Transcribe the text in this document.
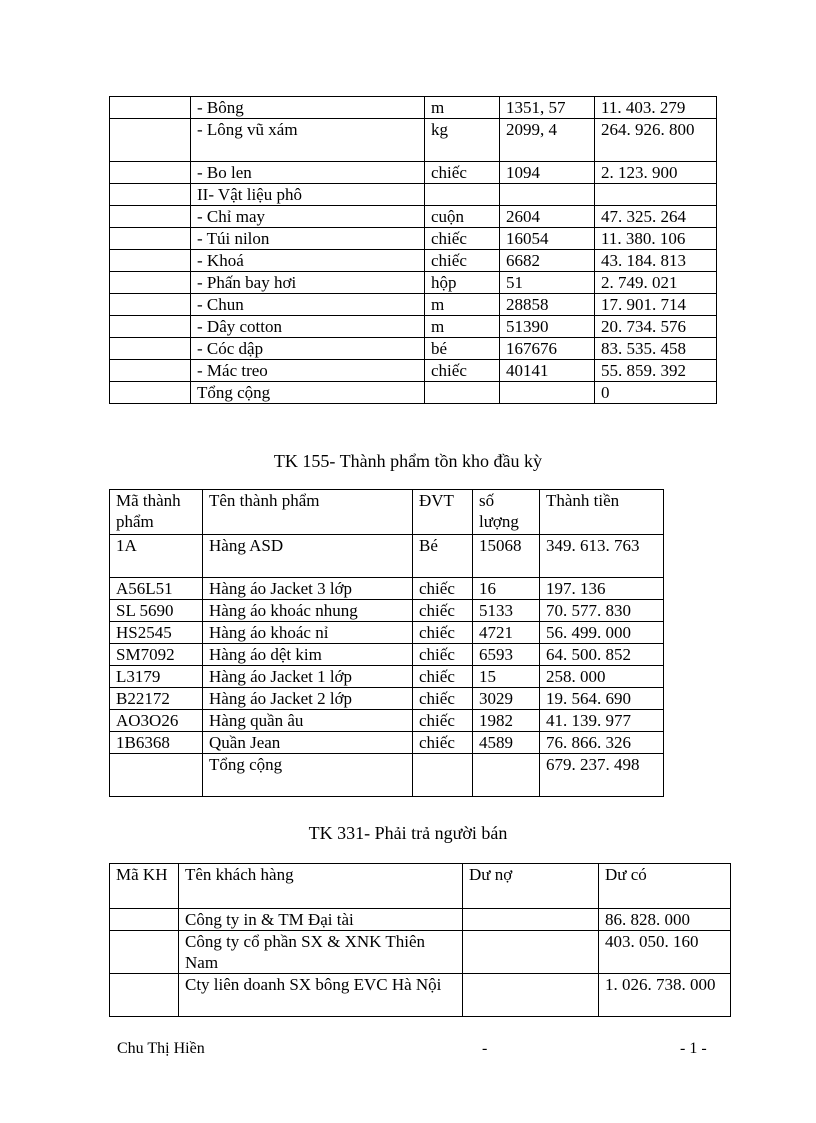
	- Bông	m	1351, 57	11. 403. 279
	- Lông vũ xám	kg	2099, 4	264. 926. 800
	- Bo len	chiếc	1094	2. 123. 900
	II- Vật liệu phô			
	- Chỉ may	cuộn	2604	47. 325. 264
	- Túi nilon	chiếc	16054	11. 380. 106
	- Khoá	chiếc	6682	43. 184. 813
	- Phấn bay hơi	hộp	51	2. 749. 021
	- Chun	m	28858	17. 901. 714
	- Dây cotton	m	51390	20. 734. 576
	- Cóc dập	bé	167676	83. 535. 458
	- Mác treo	chiếc	40141	55. 859. 392
	Tổng cộng			0
TK 155- Thành phẩm tồn kho đầu kỳ
Mã thành phẩm	Tên thành phẩm	ĐVT	số lượng	Thành tiền
1A	Hàng ASD	Bé	15068	349. 613. 763
A56L51	Hàng áo Jacket 3 lớp	chiếc	16	197. 136
SL 5690	Hàng áo khoác nhung	chiếc	5133	70. 577. 830
HS2545	Hàng áo khoác nỉ	chiếc	4721	56. 499. 000
SM7092	Hàng áo dệt kim	chiếc	6593	64. 500. 852
L3179	Hàng áo Jacket 1 lớp	chiếc	15	258. 000
B22172	Hàng áo Jacket 2 lớp	chiếc	3029	19. 564. 690
AO3O26	Hàng quần âu	chiếc	1982	41. 139. 977
1B6368	Quần Jean	chiếc	4589	76. 866. 326
	Tổng cộng			679. 237. 498
TK 331- Phải trả người bán
Mã KH	Tên khách hàng	Dư nợ	Dư có
	Công ty in & TM Đại tài		86. 828. 000
	Công ty cổ phần SX & XNK Thiên Nam		403. 050. 160
	Cty liên doanh SX bông EVC Hà Nội		1. 026. 738. 000
Chu Thị Hiền	-	- 1 -
